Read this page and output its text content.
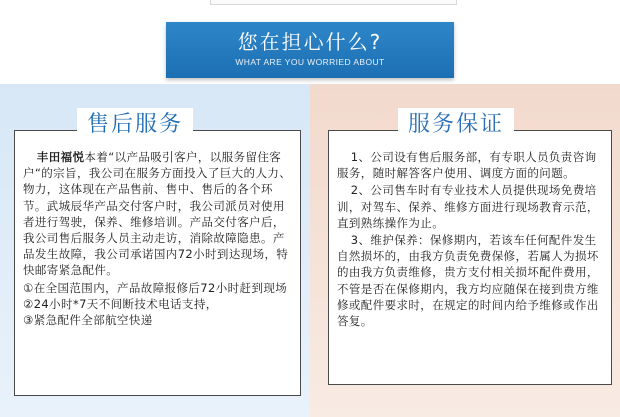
您在担心什么?
WHAT ARE YOU WORRIED ABOUT

丰田福悦本着“以产品吸引客户，以服务留住客户“的宗旨，我公司在服务方面投入了巨大的人力、物力，这体现在产品售前、售中、售后的各个环节。武城辰华产品交付客户时，我公司派员对使用者进行驾驶，保养、维修培训。产品交付客户后，我公司售后服务人员主动走访，消除故障隐患。产品发生故障，我公司承诺国内72小时到达现场，特快邮寄紧急配件。

①在全国范围内，产品故障报修后72小时赶到现场
②24小时*7天不间断技术电话支持，
③紧急配件全部航空快递
售后服务

1、公司设有售后服务部，有专职人员负责咨询服务，随时解答客户使用、调度方面的问题。

2、公司售车时有专业技术人员提供现场免费培训，对驾车、保养、维修方面进行现场教育示范，直到熟练操作为止。

3、维护保养：保修期内，若该车任何配件发生自然损坏的，由我方负责免费保修，若属人为损坏的由我方负责维修，贵方支付相关损坏配件费用，不管是否在保修期内，我方均应随保在接到贵方维修或配件要求时，在规定的时间内给予维修或作出答复。

服务保证
